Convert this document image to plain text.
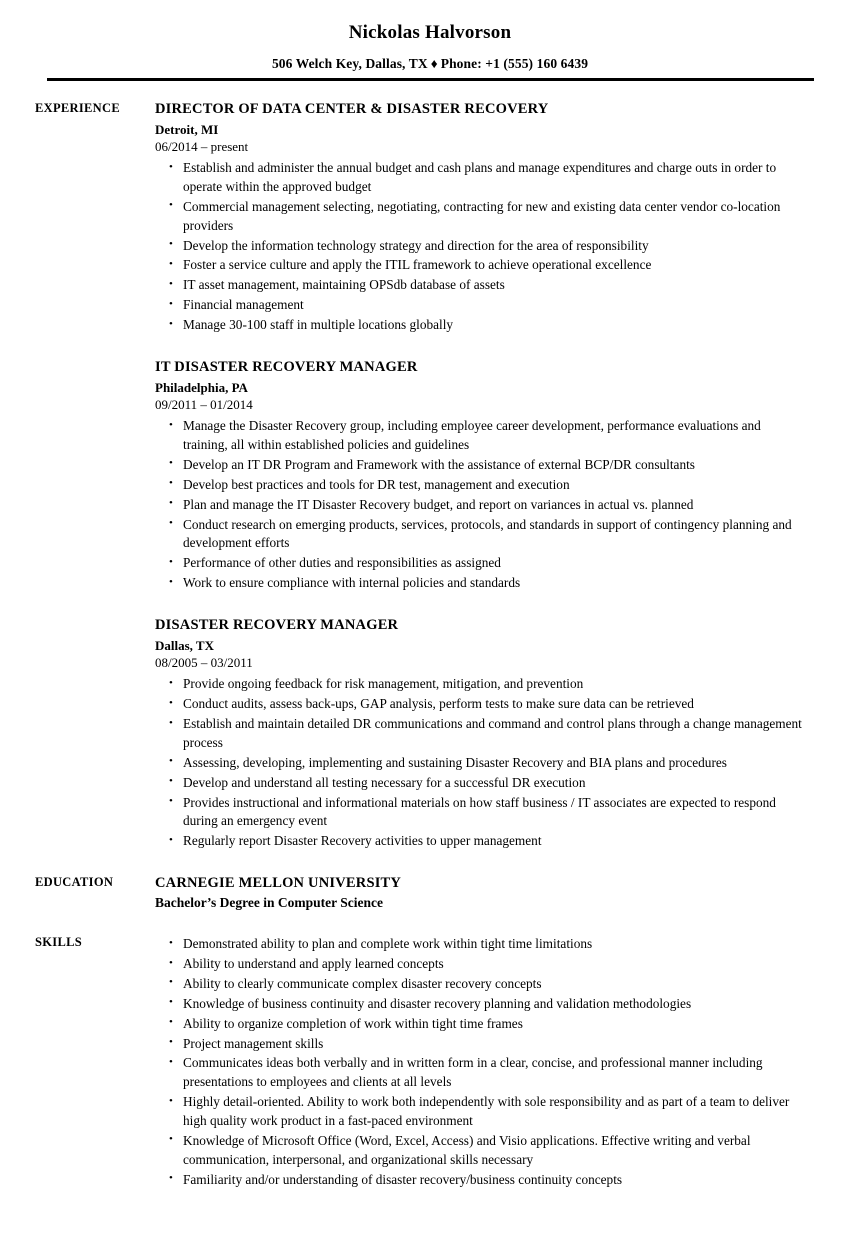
Nickolas Halvorson
506 Welch Key, Dallas, TX ♦ Phone: +1 (555) 160 6439
EXPERIENCE	DIRECTOR OF DATA CENTER & DISASTER RECOVERY
Detroit, MI
06/2014 – present
• Establish and administer the annual budget and cash plans and manage expenditures and charge outs in order to operate within the approved budget
• Commercial management selecting, negotiating, contracting for new and existing data center vendor co-location providers
• Develop the information technology strategy and direction for the area of responsibility
• Foster a service culture and apply the ITIL framework to achieve operational excellence
• IT asset management, maintaining OPSdb database of assets
• Financial management
• Manage 30-100 staff in multiple locations globally
IT DISASTER RECOVERY MANAGER
Philadelphia, PA
09/2011 – 01/2014
• Manage the Disaster Recovery group, including employee career development, performance evaluations and training, all within established policies and guidelines
• Develop an IT DR Program and Framework with the assistance of external BCP/DR consultants
• Develop best practices and tools for DR test, management and execution
• Plan and manage the IT Disaster Recovery budget, and report on variances in actual vs. planned
• Conduct research on emerging products, services, protocols, and standards in support of contingency planning and development efforts
• Performance of other duties and responsibilities as assigned
• Work to ensure compliance with internal policies and standards
DISASTER RECOVERY MANAGER
Dallas, TX
08/2005 – 03/2011
• Provide ongoing feedback for risk management, mitigation, and prevention
• Conduct audits, assess back-ups, GAP analysis, perform tests to make sure data can be retrieved
• Establish and maintain detailed DR communications and command and control plans through a change management process
• Assessing, developing, implementing and sustaining Disaster Recovery and BIA plans and procedures
• Develop and understand all testing necessary for a successful DR execution
• Provides instructional and informational materials on how staff business / IT associates are expected to respond during an emergency event
• Regularly report Disaster Recovery activities to upper management
EDUCATION	CARNEGIE MELLON UNIVERSITY
Bachelor’s Degree in Computer Science
SKILLS	• Demonstrated ability to plan and complete work within tight time limitations
• Ability to understand and apply learned concepts
• Ability to clearly communicate complex disaster recovery concepts
• Knowledge of business continuity and disaster recovery planning and validation methodologies
• Ability to organize completion of work within tight time frames
• Project management skills
• Communicates ideas both verbally and in written form in a clear, concise, and professional manner including presentations to employees and clients at all levels
• Highly detail-oriented. Ability to work both independently with sole responsibility and as part of a team to deliver high quality work product in a fast-paced environment
• Knowledge of Microsoft Office (Word, Excel, Access) and Visio applications. Effective writing and verbal communication, interpersonal, and organizational skills necessary
• Familiarity and/or understanding of disaster recovery/business continuity concepts
